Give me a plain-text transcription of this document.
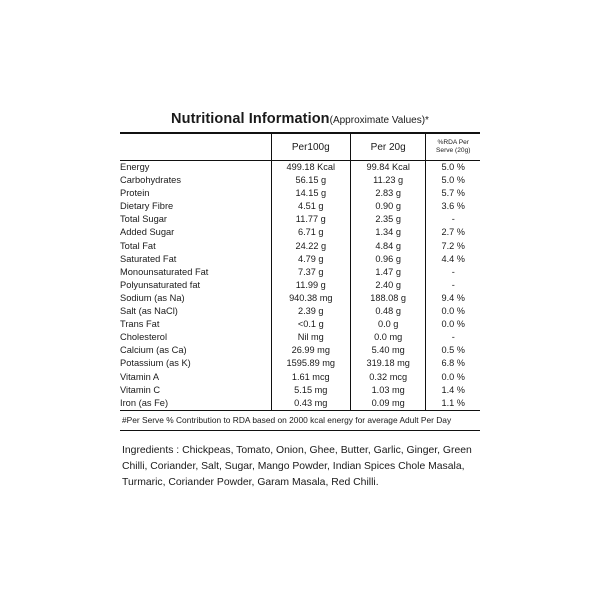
Nutritional Information(Approximate Values)*
	Per100g	Per 20g	%RDA Per
Serve (20g)
Energy	499.18 Kcal	99.84 Kcal	5.0 %
Carbohydrates	56.15 g	11.23 g	5.0 %
Protein	14.15 g	2.83 g	5.7 %
Dietary Fibre	4.51 g	0.90 g	3.6 %
Total Sugar	11.77 g	2.35 g	-
Added Sugar	6.71 g	1.34 g	2.7 %
Total Fat	24.22 g	4.84 g	7.2 %
Saturated Fat	4.79 g	0.96 g	4.4 %
Monounsaturated Fat	7.37 g	1.47 g	-
Polyunsaturated fat	11.99 g	2.40 g	-
Sodium (as Na)	940.38 mg	188.08 g	9.4 %
Salt (as NaCl)	2.39 g	0.48 g	0.0 %
Trans Fat	<0.1 g	0.0 g	0.0 %
Cholesterol	Nil mg	0.0 mg	-
Calcium (as Ca)	26.99 mg	5.40 mg	0.5 %
Potassium (as K)	1595.89 mg	319.18 mg	6.8 %
Vitamin A	1.61 mcg	0.32 mcg	0.0 %
Vitamin C	5.15 mg	1.03 mg	1.4 %
Iron (as Fe)	0.43 mg	0.09 mg	1.1 %
#Per Serve % Contribution to RDA based on 2000 kcal energy for average Adult Per Day
Ingredients : Chickpeas, Tomato, Onion, Ghee, Butter, Garlic, Ginger, Green Chilli, Coriander, Salt, Sugar, Mango Powder, Indian Spices Chole Masala, Turmaric, Coriander Powder, Garam Masala, Red Chilli.
